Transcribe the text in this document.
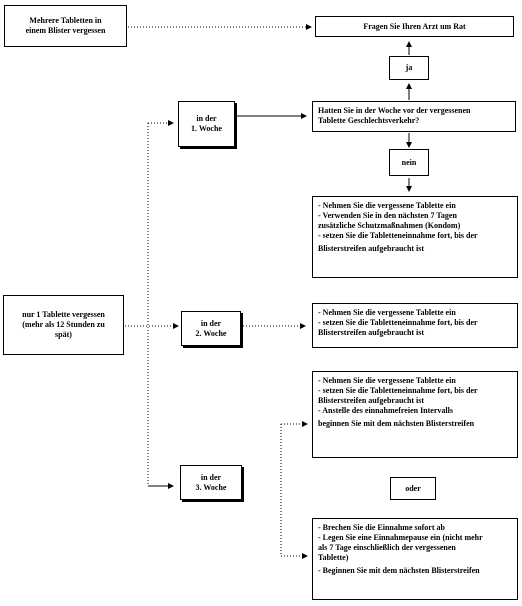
Mehrere Tabletten in
einem Blister vergessen	Fragen Sie Ihren Arzt um Rat
ja
in der
1. Woche
Hatten Sie in der Woche vor der vergessenen
Tablette Geschlechtsverkehr?
nein
- Nehmen Sie die vergessene Tablette ein
- Verwenden Sie in den nächsten 7 Tagen
zusätzliche Schutzmaßnahmen (Kondom)
- setzen Sie die Tabletteneinnahme fort, bis der
Blisterstreifen aufgebraucht ist
nur 1 Tablette vergessen
(mehr als 12 Stunden zu
spät)
in der
2. Woche
- Nehmen Sie die vergessene Tablette ein
- setzen Sie die Tabletteneinnahme fort, bis der
Blisterstreifen aufgebraucht ist
- Nehmen Sie die vergessene Tablette ein
- setzen Sie die Tabletteneinnahme fort, bis der
Blisterstreifen aufgebraucht ist
- Anstelle des einnahmefreien Intervalls
beginnen Sie mit dem nächsten Blisterstreifen
in der
3. Woche	oder
- Brechen Sie die Einnahme sofort ab
- Legen Sie eine Einnahmepause ein (nicht mehr
als 7 Tage einschließlich der vergessenen
Tablette)
- Beginnen Sie mit dem nächsten Blisterstreifen
